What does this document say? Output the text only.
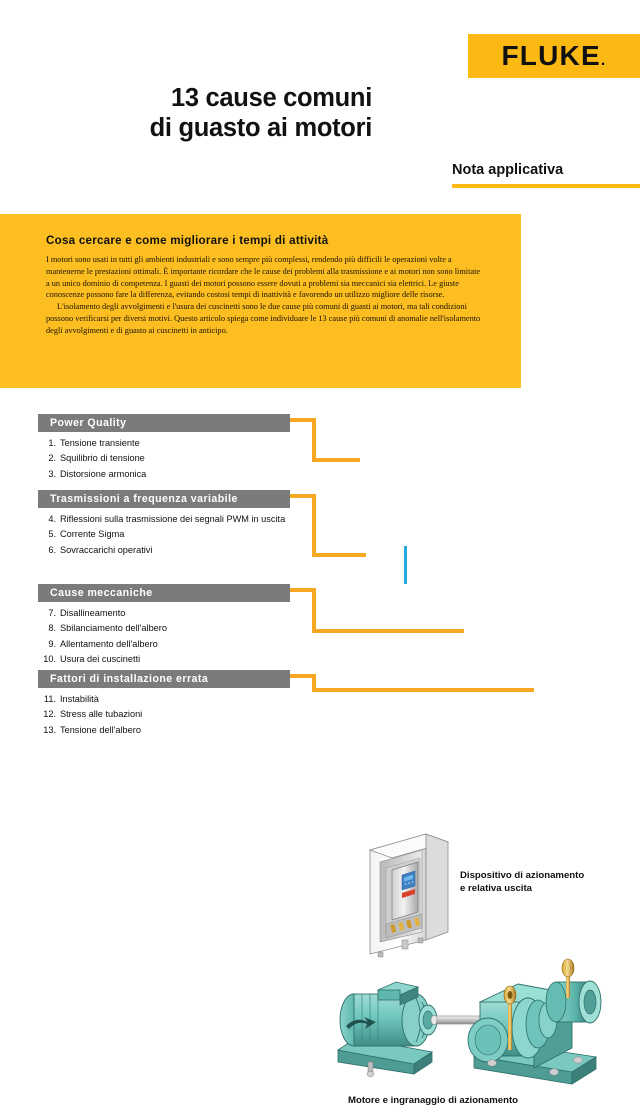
FLUKE.
13 cause comuni
di guasto ai motori
Nota applicativa
Cosa cercare e come migliorare i tempi di attività

I motori sono usati in tutti gli ambienti industriali e sono sempre più complessi, rendendo più difficili le operazioni volte a mantenerne le prestazioni ottimali. È importante ricordare che le cause dei problemi alla trasmissione e ai motori non sono limitate a un unico dominio di competenza. I guasti dei motori possono essere dovuti a problemi sia meccanici sia elettrici. Le giuste conoscenze possono fare la differenza, evitando costosi tempi di inattività e favorendo un utilizzo migliore delle risorse.

L'isolamento degli avvolgimenti e l'usura dei cuscinetti sono le due cause più comuni di guasti ai motori, ma tali condizioni possono verificarsi per diversi motivi. Questo articolo spiega come individuare le 13 cause più comuni di anomalie nell'isolamento degli avvolgimenti e di guasto ai cuscinetti in anticipo.

Power Quality
1. Tensione transiente
2. Squilibrio di tensione
3. Distorsione armonica
Trasmissioni a frequenza variabile
4. Riflessioni sulla trasmissione dei segnali PWM in uscita
5. Corrente Sigma
6. Sovraccarichi operativi
Cause meccaniche
7. Disallineamento
8. Sbilanciamento dell'albero
9. Allentamento dell'albero
10. Usura dei cuscinetti
Fattori di installazione errata
11. Instabilità
12. Stress alle tubazioni
13. Tensione dell'albero
Dispositivo di azionamento
e relativa uscita
Motore e ingranaggio di azionamento
